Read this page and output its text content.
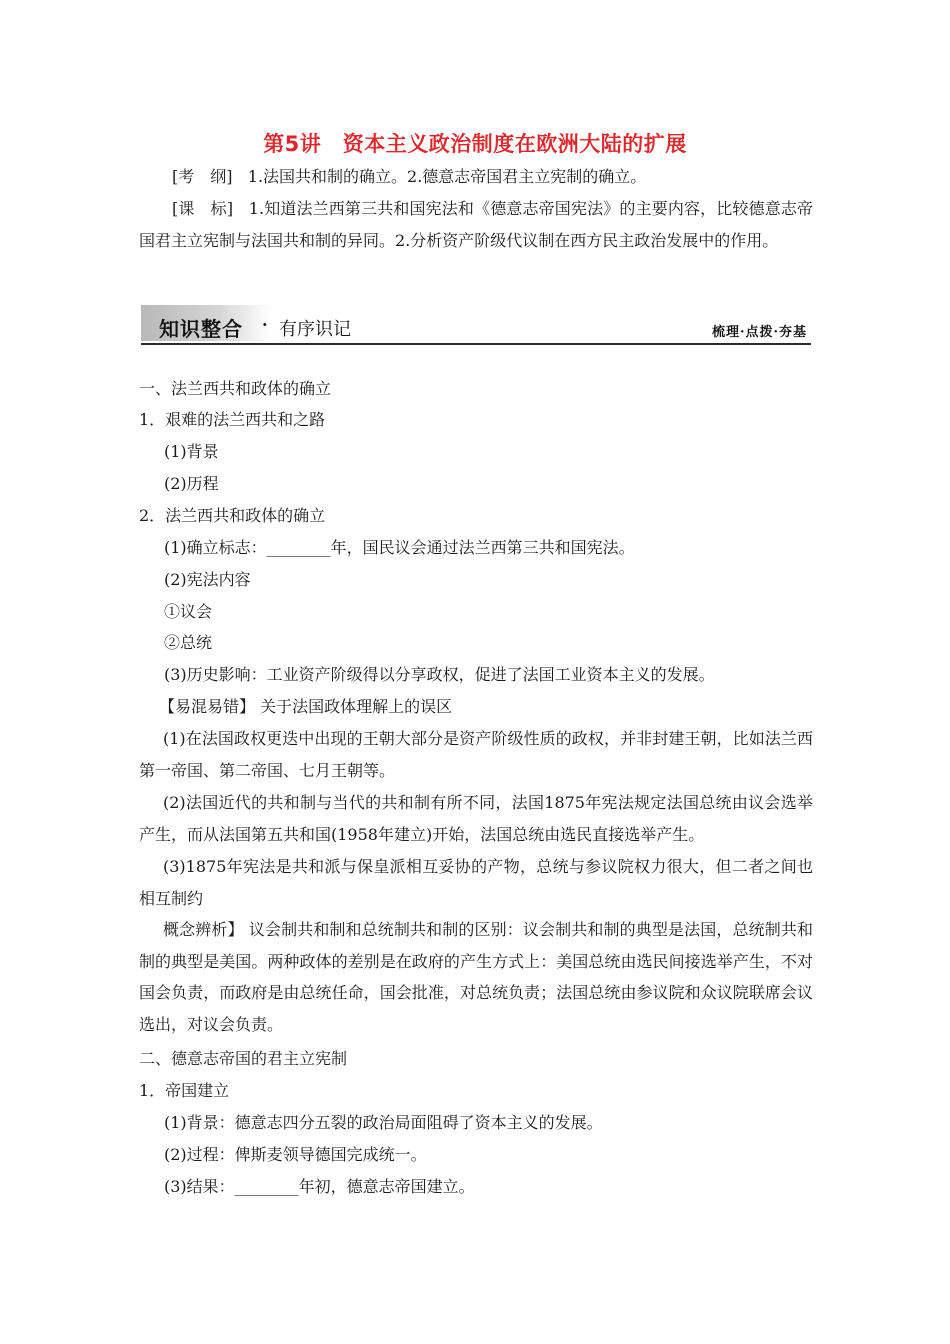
第5讲　资本主义政治制度在欧洲大陆的扩展
[考　纲] 1.法国共和制的确立。2.德意志帝国君主立宪制的确立。
[课　标] 1.知道法兰西第三共和国宪法和《德意志帝国宪法》的主要内容，比较德意志帝国君主立宪制与法国共和制的异同。2.分析资产阶级代议制在西方民主政治发展中的作用。
知识整合 · 有序识记	梳理·点拨·夯基
一、法兰西共和政体的确立
1．艰难的法兰西共和之路
(1)背景
(2)历程
2．法兰西共和政体的确立
(1)确立标志：________年，国民议会通过法兰西第三共和国宪法。
(2)宪法内容
①议会
②总统
(3)历史影响：工业资产阶级得以分享政权，促进了法国工业资本主义的发展。
【易混易错】 关于法国政体理解上的误区
(1)在法国政权更迭中出现的王朝大部分是资产阶级性质的政权，并非封建王朝，比如法兰西第一帝国、第二帝国、七月王朝等。
(2)法国近代的共和制与当代的共和制有所不同，法国1875年宪法规定法国总统由议会选举产生，而从法国第五共和国(1958年建立)开始，法国总统由选民直接选举产生。
(3)1875年宪法是共和派与保皇派相互妥协的产物，总统与参议院权力很大，但二者之间也相互制约
概念辨析】 议会制共和制和总统制共和制的区别：议会制共和制的典型是法国，总统制共和制的典型是美国。两种政体的差别是在政府的产生方式上：美国总统由选民间接选举产生，不对国会负责，而政府是由总统任命，国会批准，对总统负责；法国总统由参议院和众议院联席会议选出，对议会负责。
二、德意志帝国的君主立宪制
1．帝国建立
(1)背景：德意志四分五裂的政治局面阻碍了资本主义的发展。
(2)过程：俾斯麦领导德国完成统一。
(3)结果：________年初，德意志帝国建立。
